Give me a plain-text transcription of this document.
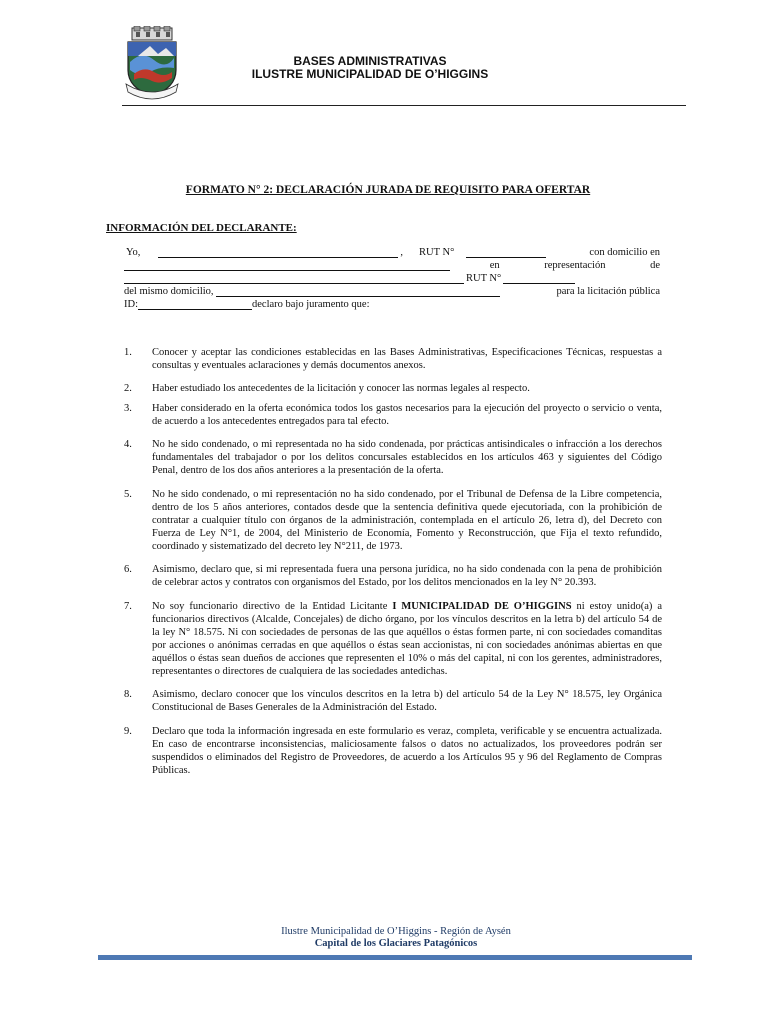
BASES ADMINISTRATIVAS
ILUSTRE MUNICIPALIDAD DE O’HIGGINS
FORMATO N° 2: DECLARACIÓN JURADA DE REQUISITO PARA OFERTAR
INFORMACIÓN DEL DECLARANTE:
Yo,	, RUT N°	con domicilio en
en representación de
RUT N°
del mismo domicilio,	para la licitación pública
ID:	declaro bajo juramento que:
1.	Conocer y aceptar las condiciones establecidas en las Bases Administrativas, Especificaciones Técnicas, respuestas a consultas y eventuales aclaraciones y demás documentos anexos.
2.	Haber estudiado los antecedentes de la licitación y conocer las normas legales al respecto.
3.	Haber considerado en la oferta económica todos los gastos necesarios para la ejecución del proyecto o servicio o venta, de acuerdo a los antecedentes entregados para tal efecto.
4.	No he sido condenado, o mi representada no ha sido condenada, por prácticas antisindicales o infracción a los derechos fundamentales del trabajador o por los delitos concursales establecidos en los artículos 463 y siguientes del Código Penal, dentro de los dos años anteriores a la presentación de la oferta.
5.	No he sido condenado, o mi representación no ha sido condenado, por el Tribunal de Defensa de la Libre competencia, dentro de los 5 años anteriores, contados desde que la sentencia definitiva quede ejecutoriada, con la prohibición de contratar a cualquier título con órganos de la administración, contemplada en el artículo 26, letra d), del Decreto con Fuerza de Ley N°1, de 2004, del Ministerio de Economía, Fomento y Reconstrucción, que Fija el texto refundido, coordinado y sistematizado del decreto ley N°211, de 1973.
6.	Asimismo, declaro que, si mi representada fuera una persona jurídica, no ha sido condenada con la pena de prohibición de celebrar actos y contratos con organismos del Estado, por los delitos mencionados en la ley N° 20.393.
7.	No soy funcionario directivo de la Entidad Licitante I MUNICIPALIDAD DE O’HIGGINS ni estoy unido(a) a funcionarios directivos (Alcalde, Concejales) de dicho órgano, por los vínculos descritos en la letra b) del artículo 54 de la ley N° 18.575. Ni con sociedades de personas de las que aquéllos o éstas formen parte, ni con sociedades comanditas por acciones o anónimas cerradas en que aquéllos o éstas sean accionistas, ni con sociedades anónimas abiertas en que aquéllos o éstas sean dueños de acciones que representen el 10% o más del capital, ni con los gerentes, administradores, representantes o directores de cualquiera de las sociedades antedichas.
8.	Asimismo, declaro conocer que los vínculos descritos en la letra b) del artículo 54 de la Ley N° 18.575, ley Orgánica Constitucional de Bases Generales de la Administración del Estado.
9.	Declaro que toda la información ingresada en este formulario es veraz, completa, verificable y se encuentra actualizada. En caso de encontrarse inconsistencias, maliciosamente falsos o datos no actualizados, los proveedores podrán ser suspendidos o eliminados del Registro de Proveedores, de acuerdo a los Artículos 95 y 96 del Reglamento de Compras Públicas.
Ilustre Municipalidad de O’Higgins - Región de Aysén
Capital de los Glaciares Patagónicos
